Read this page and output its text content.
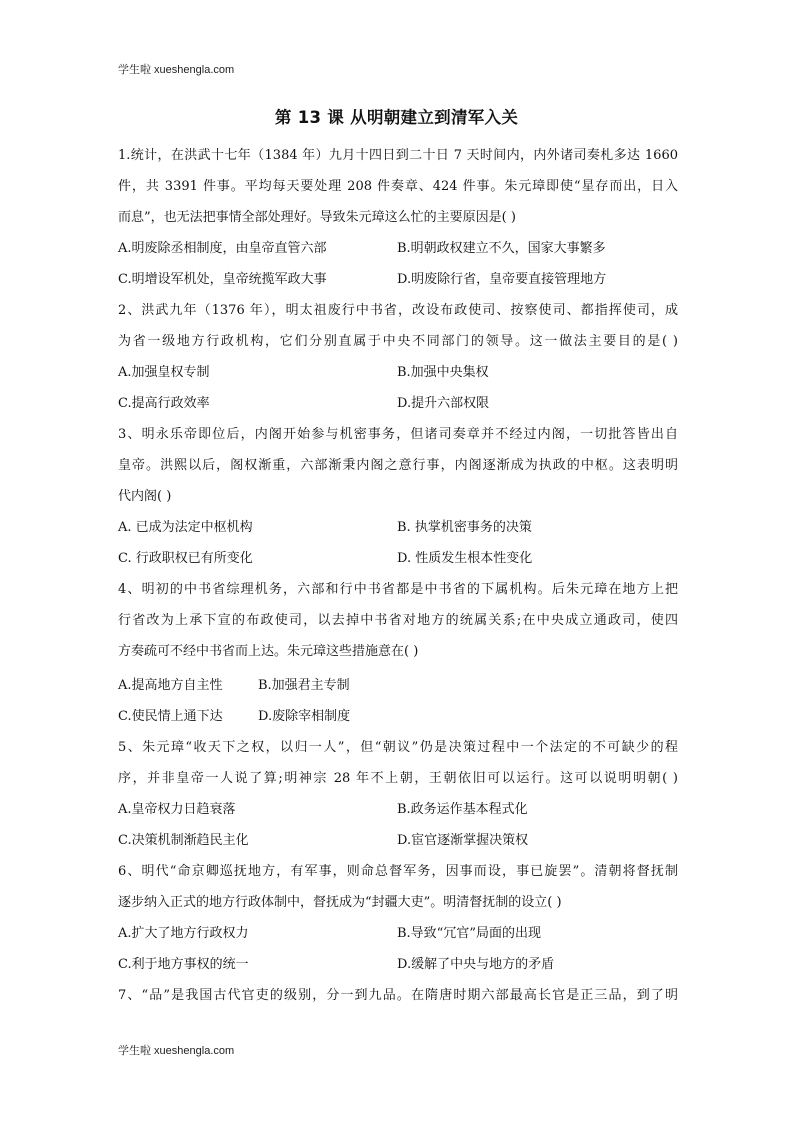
学生啦 xueshengla.com
第 13 课 从明朝建立到清军入关
1.统计，在洪武十七年（1384 年）九月十四日到二十日 7 天时间内，内外诸司奏札多达 1660
件，共 3391 件事。平均每天要处理 208 件奏章、424 件事。朱元璋即使“星存而出，日入
而息”，也无法把事情全部处理好。导致朱元璋这么忙的主要原因是( )
A.明废除丞相制度，由皇帝直管六部	B.明朝政权建立不久，国家大事繁多
C.明增设军机处，皇帝统揽军政大事	D.明废除行省，皇帝要直接管理地方
2、洪武九年（1376 年），明太祖废行中书省，改设布政使司、按察使司、都指挥使司，成
为省一级地方行政机构，它们分别直属于中央不同部门的领导。这一做法主要目的是( )
A.加强皇权专制	B.加强中央集权
C.提高行政效率	D.提升六部权限
3、明永乐帝即位后，内阁开始参与机密事务，但诸司奏章并不经过内阁，一切批答皆出自
皇帝。洪熙以后，阁权渐重，六部渐秉内阁之意行事，内阁逐渐成为执政的中枢。这表明明
代内阁( )
A. 已成为法定中枢机构	B. 执掌机密事务的决策
C. 行政职权已有所变化	D. 性质发生根本性变化
4、明初的中书省综理机务，六部和行中书省都是中书省的下属机构。后朱元璋在地方上把
行省改为上承下宣的布政使司，以去掉中书省对地方的统属关系;在中央成立通政司，使四
方奏疏可不经中书省而上达。朱元璋这些措施意在( )
A.提高地方自主性	B.加强君主专制
C.使民情上通下达	D.废除宰相制度
5、朱元璋“收天下之权，以归一人”，但“朝议”仍是决策过程中一个法定的不可缺少的程
序，并非皇帝一人说了算;明神宗 28 年不上朝，王朝依旧可以运行。这可以说明明朝( )
A.皇帝权力日趋衰落	B.政务运作基本程式化
C.决策机制渐趋民主化	D.宦官逐渐掌握决策权
6、明代“命京卿巡抚地方，有军事，则命总督军务，因事而设，事已旋罢”。清朝将督抚制
逐步纳入正式的地方行政体制中，督抚成为“封疆大吏”。明清督抚制的设立( )
A.扩大了地方行政权力	B.导致“冗官”局面的出现
C.利于地方事权的统一	D.缓解了中央与地方的矛盾
7、“品”是我国古代官吏的级别，分一到九品。在隋唐时期六部最高长官是正三品，到了明
学生啦 xueshengla.com
